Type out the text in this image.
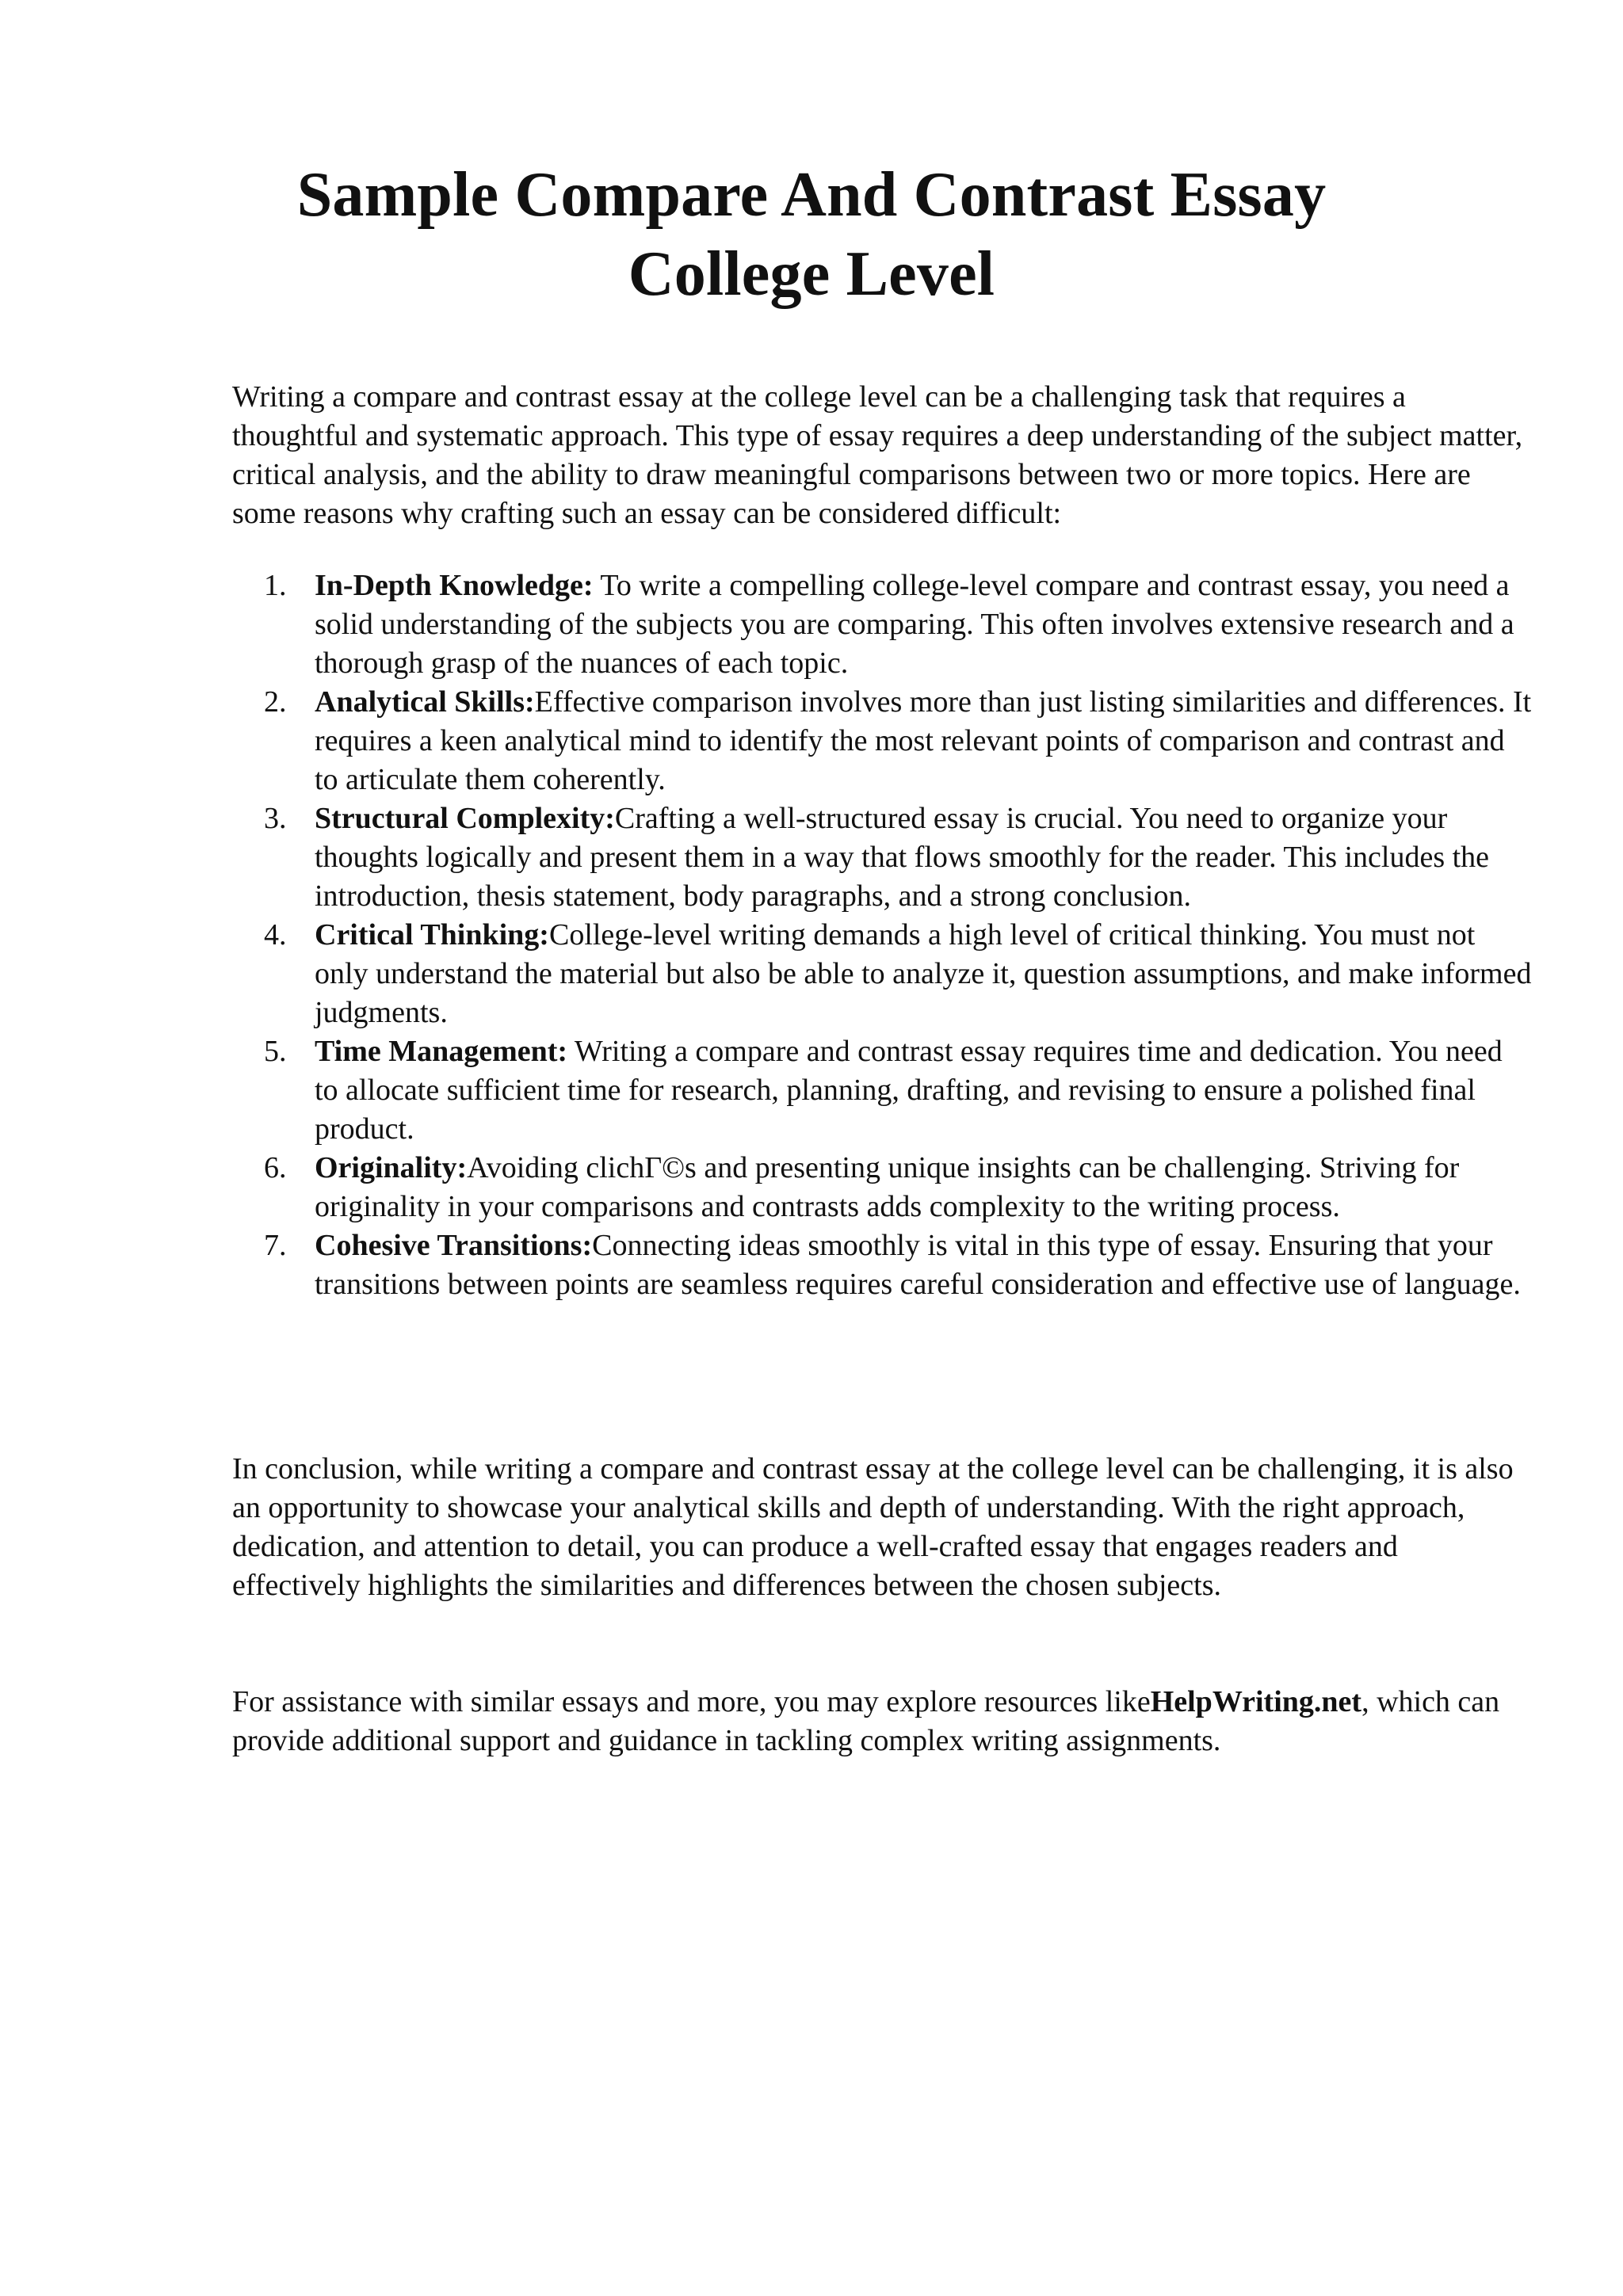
Sample Compare And Contrast Essay
College Level

Writing a compare and contrast essay at the college level can be a challenging task that requires a thoughtful and systematic approach. This type of essay requires a deep understanding of the subject matter, critical analysis, and the ability to draw meaningful comparisons between two or more topics. Here are some reasons why crafting such an essay can be considered difficult:

1. In-Depth Knowledge: To write a compelling college-level compare and contrast essay, you need a solid understanding of the subjects you are comparing. This often involves extensive research and a thorough grasp of the nuances of each topic.
2. Analytical Skills:Effective comparison involves more than just listing similarities and differences. It requires a keen analytical mind to identify the most relevant points of comparison and contrast and to articulate them coherently.
3. Structural Complexity:Crafting a well-structured essay is crucial. You need to organize your thoughts logically and present them in a way that flows smoothly for the reader. This includes the introduction, thesis statement, body paragraphs, and a strong conclusion.
4. Critical Thinking:College-level writing demands a high level of critical thinking. You must not only understand the material but also be able to analyze it, question assumptions, and make informed judgments.
5. Time Management: Writing a compare and contrast essay requires time and dedication. You need to allocate sufficient time for research, planning, drafting, and revising to ensure a polished final product.
6. Originality:Avoiding clichГ©s and presenting unique insights can be challenging. Striving for originality in your comparisons and contrasts adds complexity to the writing process.
7. Cohesive Transitions:Connecting ideas smoothly is vital in this type of essay. Ensuring that your transitions between points are seamless requires careful consideration and effective use of language.

In conclusion, while writing a compare and contrast essay at the college level can be challenging, it is also an opportunity to showcase your analytical skills and depth of understanding. With the right approach, dedication, and attention to detail, you can produce a well-crafted essay that engages readers and effectively highlights the similarities and differences between the chosen subjects.

For assistance with similar essays and more, you may explore resources likeHelpWriting.net, which can provide additional support and guidance in tackling complex writing assignments.
